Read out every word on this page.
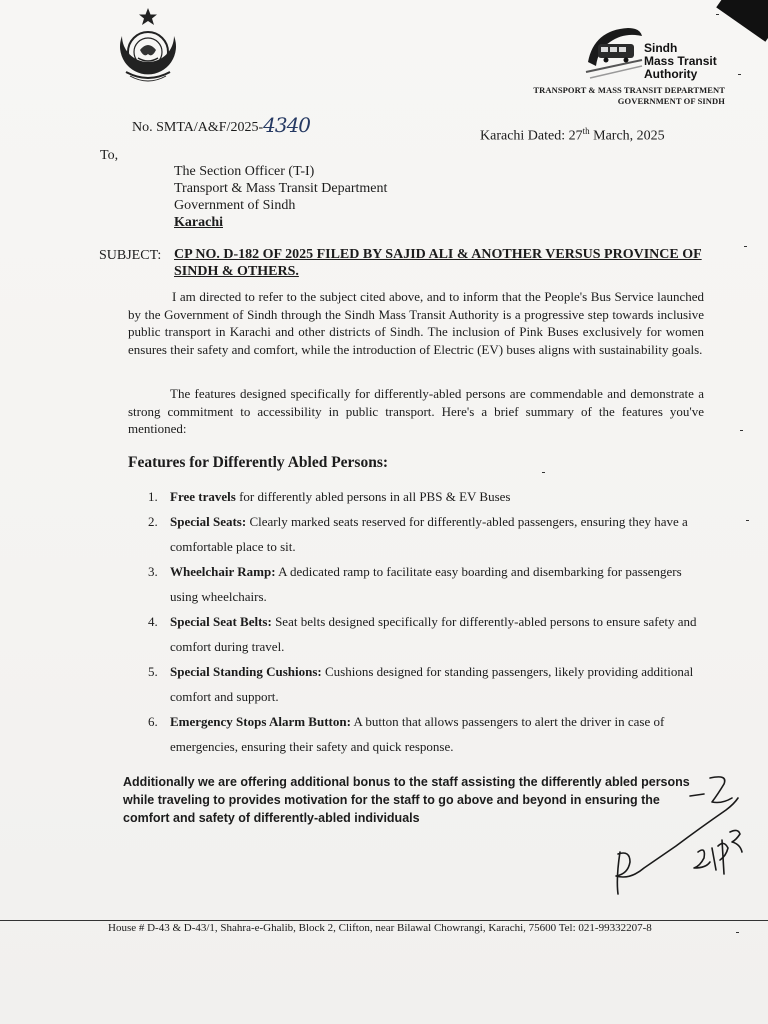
Sindh
Mass Transit
Authority
TRANSPORT & MASS TRANSIT DEPARTMENT
GOVERNMENT OF SINDH
No. SMTA/A&F/2025-4340	Karachi Dated: 27th March, 2025
To,
The Section Officer (T-I)
Transport & Mass Transit Department
Government of Sindh
Karachi
SUBJECT: CP NO. D-182 OF 2025 FILED BY SAJID ALI & ANOTHER VERSUS PROVINCE OF SINDH & OTHERS.

I am directed to refer to the subject cited above, and to inform that the People's Bus Service launched by the Government of Sindh through the Sindh Mass Transit Authority is a progressive step towards inclusive public transport in Karachi and other districts of Sindh. The inclusion of Pink Buses exclusively for women ensures their safety and comfort, while the introduction of Electric (EV) buses aligns with sustainability goals.

The features designed specifically for differently-abled persons are commendable and demonstrate a strong commitment to accessibility in public transport. Here's a brief summary of the features you've mentioned:

Features for Differently Abled Persons:
1. Free travels for differently abled persons in all PBS & EV Buses
2. Special Seats: Clearly marked seats reserved for differently-abled passengers, ensuring they have a comfortable place to sit.
3. Wheelchair Ramp: A dedicated ramp to facilitate easy boarding and disembarking for passengers using wheelchairs.
4. Special Seat Belts: Seat belts designed specifically for differently-abled persons to ensure safety and comfort during travel.
5. Special Standing Cushions: Cushions designed for standing passengers, likely providing additional comfort and support.
6. Emergency Stops Alarm Button: A button that allows passengers to alert the driver in case of emergencies, ensuring their safety and quick response.

Additionally we are offering additional bonus to the staff assisting the differently abled persons while traveling to provides motivation for the staff to go above and beyond in ensuring the comfort and safety of differently-abled individuals

House # D-43 & D-43/1, Shahra-e-Ghalib, Block 2, Clifton, near Bilawal Chowrangi, Karachi, 75600 Tel: 021-99332207-8
